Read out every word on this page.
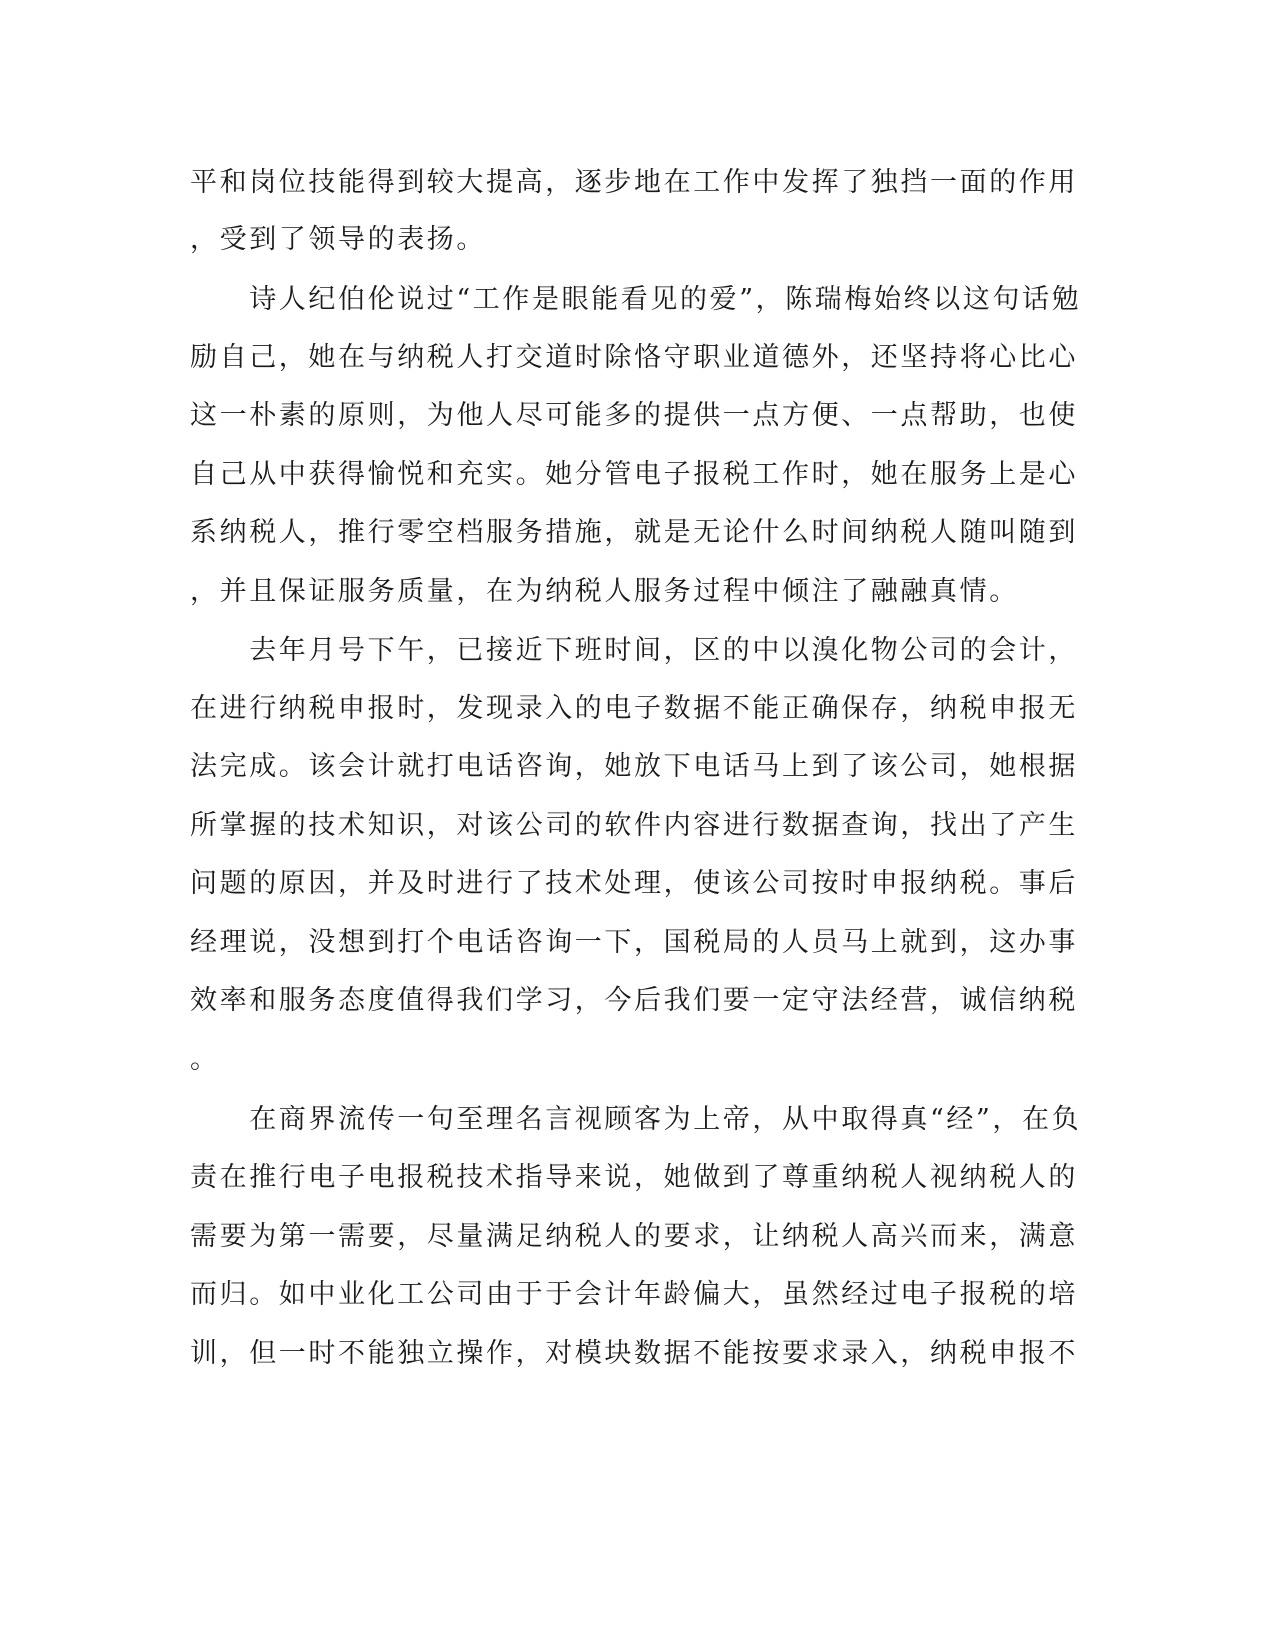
平和岗位技能得到较大提高，逐步地在工作中发挥了独挡一面的作用
，受到了领导的表扬。
　　诗人纪伯伦说过“工作是眼能看见的爱”，陈瑞梅始终以这句话勉
励自己，她在与纳税人打交道时除恪守职业道德外，还坚持将心比心
这一朴素的原则，为他人尽可能多的提供一点方便、一点帮助，也使
自己从中获得愉悦和充实。她分管电子报税工作时，她在服务上是心
系纳税人，推行零空档服务措施，就是无论什么时间纳税人随叫随到
，并且保证服务质量，在为纳税人服务过程中倾注了融融真情。
　　去年月号下午，已接近下班时间，区的中以溴化物公司的会计，
在进行纳税申报时，发现录入的电子数据不能正确保存，纳税申报无
法完成。该会计就打电话咨询，她放下电话马上到了该公司，她根据
所掌握的技术知识，对该公司的软件内容进行数据查询，找出了产生
问题的原因，并及时进行了技术处理，使该公司按时申报纳税。事后
经理说，没想到打个电话咨询一下，国税局的人员马上就到，这办事
效率和服务态度值得我们学习，今后我们要一定守法经营，诚信纳税
。
　　在商界流传一句至理名言视顾客为上帝，从中取得真“经”，在负
责在推行电子电报税技术指导来说，她做到了尊重纳税人视纳税人的
需要为第一需要，尽量满足纳税人的要求，让纳税人高兴而来，满意
而归。如中业化工公司由于于会计年龄偏大，虽然经过电子报税的培
训，但一时不能独立操作，对模块数据不能按要求录入，纳税申报不
